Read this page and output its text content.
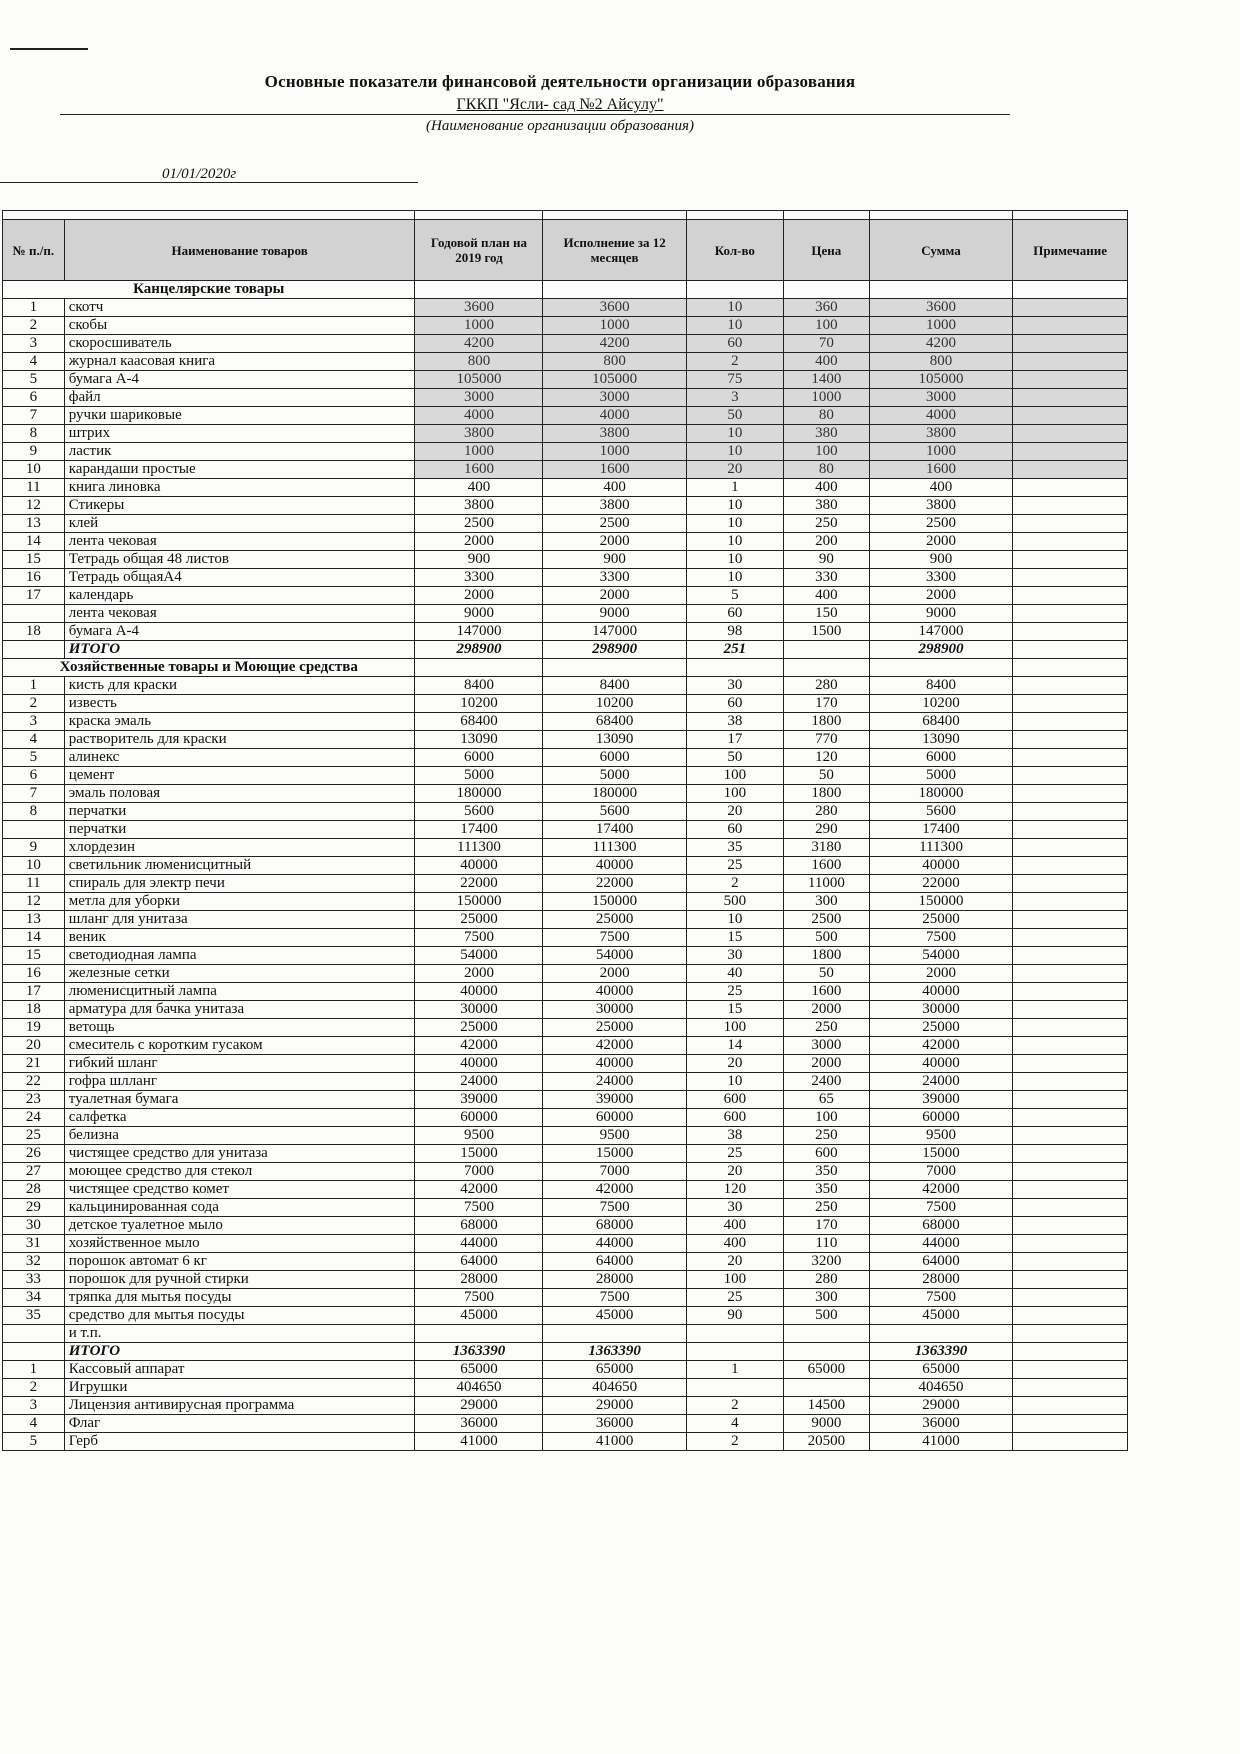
Основные показатели финансовой деятельности организации образования
ГККП "Ясли- сад №2 Айсулу"
(Наименование организации образования)
01/01/2020г

№ п./п.	Наименование товаров	Годовой план на 2019 год	Исполнение за 12 месяцев	Кол-во	Цена	Сумма	Примечание
Канцелярские товары							
1	скотч	3600	3600	10	360	3600	
2	скобы	1000	1000	10	100	1000	
3	скоросшиватель	4200	4200	60	70	4200	
4	журнал каасовая книга	800	800	2	400	800	
5	бумага А-4	105000	105000	75	1400	105000	
6	файл	3000	3000	3	1000	3000	
7	ручки шариковые	4000	4000	50	80	4000	
8	штрих	3800	3800	10	380	3800	
9	ластик	1000	1000	10	100	1000	
10	карандаши простые	1600	1600	20	80	1600	
11	книга линовка	400	400	1	400	400	
12	Стикеры	3800	3800	10	380	3800	
13	клей	2500	2500	10	250	2500	
14	лента чековая	2000	2000	10	200	2000	
15	Тетрадь общая 48 листов	900	900	10	90	900	
16	Тетрадь общаяА4	3300	3300	10	330	3300	
17	календарь	2000	2000	5	400	2000	
	лента чековая	9000	9000	60	150	9000	
18	бумага А-4	147000	147000	98	1500	147000	
	ИТОГО	298900	298900	251		298900	
Хозяйственные товары и Моющие средства							
1	кисть для краски	8400	8400	30	280	8400	
2	известь	10200	10200	60	170	10200	
3	краска эмаль	68400	68400	38	1800	68400	
4	растворитель для краски	13090	13090	17	770	13090	
5	алинекс	6000	6000	50	120	6000	
6	цемент	5000	5000	100	50	5000	
7	эмаль половая	180000	180000	100	1800	180000	
8	перчатки	5600	5600	20	280	5600	
	перчатки	17400	17400	60	290	17400	
9	хлордезин	111300	111300	35	3180	111300	
10	светильник люменисцитный	40000	40000	25	1600	40000	
11	спираль для электр печи	22000	22000	2	11000	22000	
12	метла для уборки	150000	150000	500	300	150000	
13	шланг для унитаза	25000	25000	10	2500	25000	
14	веник	7500	7500	15	500	7500	
15	светодиодная лампа	54000	54000	30	1800	54000	
16	железные сетки	2000	2000	40	50	2000	
17	люменисцитный лампа	40000	40000	25	1600	40000	
18	арматура для бачка унитаза	30000	30000	15	2000	30000	
19	ветощь	25000	25000	100	250	25000	
20	смеситель с коротким гусаком	42000	42000	14	3000	42000	
21	гибкий шланг	40000	40000	20	2000	40000	
22	гофра шлланг	24000	24000	10	2400	24000	
23	туалетная бумага	39000	39000	600	65	39000	
24	салфетка	60000	60000	600	100	60000	
25	белизна	9500	9500	38	250	9500	
26	чистящее средство для унитаза	15000	15000	25	600	15000	
27	моющее средство для стекол	7000	7000	20	350	7000	
28	чистящее средство комет	42000	42000	120	350	42000	
29	кальцинированная сода	7500	7500	30	250	7500	
30	детское туалетное мыло	68000	68000	400	170	68000	
31	хозяйственное мыло	44000	44000	400	110	44000	
32	порошок автомат 6 кг	64000	64000	20	3200	64000	
33	порошок для ручной стирки	28000	28000	100	280	28000	
34	тряпка для мытья посуды	7500	7500	25	300	7500	
35	средство для мытья посуды	45000	45000	90	500	45000	
	и т.п.						
	ИТОГО	1363390	1363390			1363390	
1	Кассовый аппарат	65000	65000	1	65000	65000	
2	Игрушки	404650	404650			404650	
3	Лицензия антивирусная программа	29000	29000	2	14500	29000	
4	Флаг	36000	36000	4	9000	36000	
5	Герб	41000	41000	2	20500	41000	
